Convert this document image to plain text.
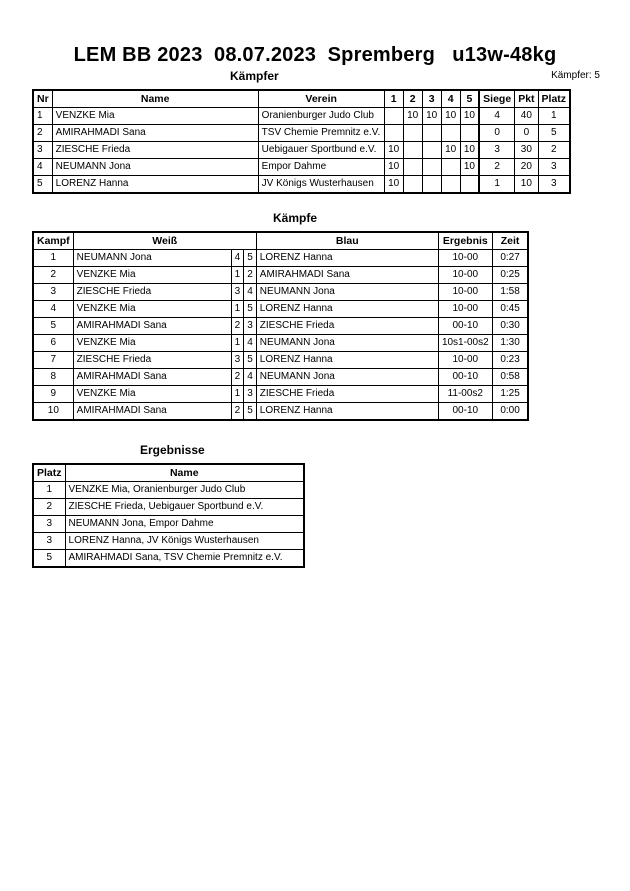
LEM BB 2023  08.07.2023  Spremberg   u13w-48kg
Kämpfer	Kämpfer: 5
Nr	Name	Verein	1	2	3	4	5	Siege	Pkt	Platz
1	VENZKE Mia	Oranienburger Judo Club		10	10	10	10	4	40	1
2	AMIRAHMADI Sana	TSV Chemie Premnitz e.V.						0	0	5
3	ZIESCHE Frieda	Uebigauer Sportbund e.V.	10			10	10	3	30	2
4	NEUMANN Jona	Empor Dahme	10				10	2	20	3
5	LORENZ Hanna	JV Königs Wusterhausen	10					1	10	3
Kämpfe
Kampf	Weiß			Blau	Ergebnis	Zeit
1	NEUMANN Jona	4	5	LORENZ Hanna	10-00	0:27
2	VENZKE Mia	1	2	AMIRAHMADI Sana	10-00	0:25
3	ZIESCHE Frieda	3	4	NEUMANN Jona	10-00	1:58
4	VENZKE Mia	1	5	LORENZ Hanna	10-00	0:45
5	AMIRAHMADI Sana	2	3	ZIESCHE Frieda	00-10	0:30
6	VENZKE Mia	1	4	NEUMANN Jona	10s1-00s2	1:30
7	ZIESCHE Frieda	3	5	LORENZ Hanna	10-00	0:23
8	AMIRAHMADI Sana	2	4	NEUMANN Jona	00-10	0:58
9	VENZKE Mia	1	3	ZIESCHE Frieda	11-00s2	1:25
10	AMIRAHMADI Sana	2	5	LORENZ Hanna	00-10	0:00
Ergebnisse
Platz	Name
1	VENZKE Mia, Oranienburger Judo Club
2	ZIESCHE Frieda, Uebigauer Sportbund e.V.
3	NEUMANN Jona, Empor Dahme
3	LORENZ Hanna, JV Königs Wusterhausen
5	AMIRAHMADI Sana, TSV Chemie Premnitz e.V.
